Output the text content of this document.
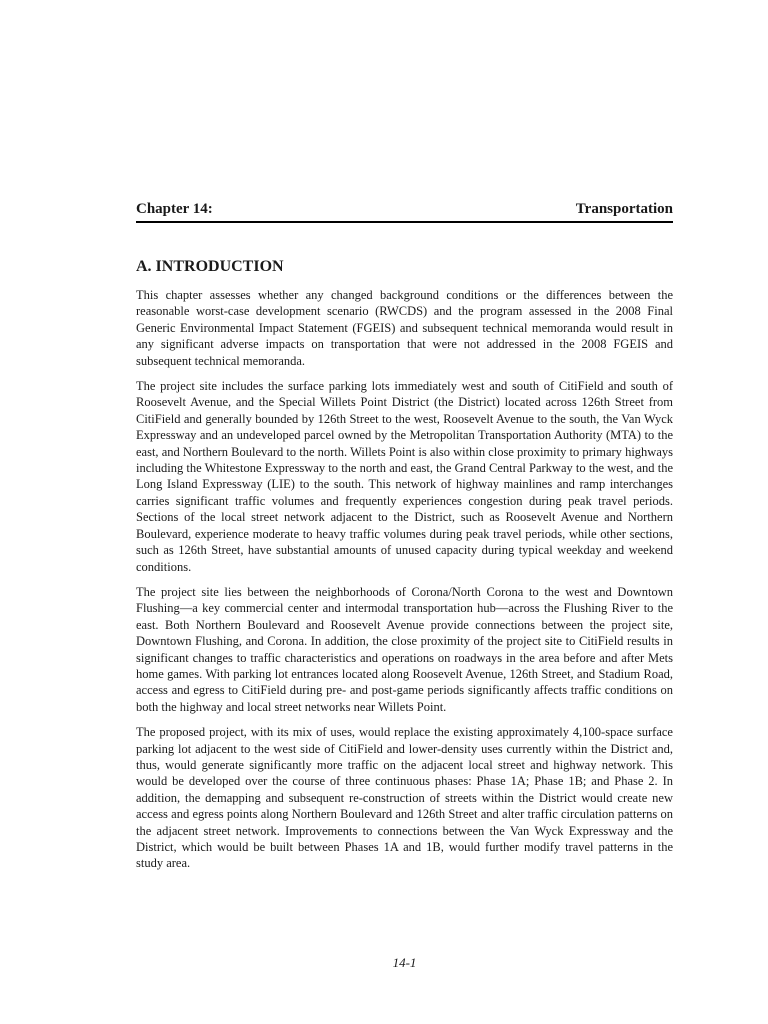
Chapter 14:	Transportation
A. INTRODUCTION

This chapter assesses whether any changed background conditions or the differences between the reasonable worst-case development scenario (RWCDS) and the program assessed in the 2008 Final Generic Environmental Impact Statement (FGEIS) and subsequent technical memoranda would result in any significant adverse impacts on transportation that were not addressed in the 2008 FGEIS and subsequent technical memoranda.

The project site includes the surface parking lots immediately west and south of CitiField and south of Roosevelt Avenue, and the Special Willets Point District (the District) located across 126th Street from CitiField and generally bounded by 126th Street to the west, Roosevelt Avenue to the south, the Van Wyck Expressway and an undeveloped parcel owned by the Metropolitan Transportation Authority (MTA) to the east, and Northern Boulevard to the north. Willets Point is also within close proximity to primary highways including the Whitestone Expressway to the north and east, the Grand Central Parkway to the west, and the Long Island Expressway (LIE) to the south. This network of highway mainlines and ramp interchanges carries significant traffic volumes and frequently experiences congestion during peak travel periods. Sections of the local street network adjacent to the District, such as Roosevelt Avenue and Northern Boulevard, experience moderate to heavy traffic volumes during peak travel periods, while other sections, such as 126th Street, have substantial amounts of unused capacity during typical weekday and weekend conditions.

The project site lies between the neighborhoods of Corona/North Corona to the west and Downtown Flushing—a key commercial center and intermodal transportation hub—across the Flushing River to the east. Both Northern Boulevard and Roosevelt Avenue provide connections between the project site, Downtown Flushing, and Corona. In addition, the close proximity of the project site to CitiField results in significant changes to traffic characteristics and operations on roadways in the area before and after Mets home games. With parking lot entrances located along Roosevelt Avenue, 126th Street, and Stadium Road, access and egress to CitiField during pre- and post-game periods significantly affects traffic conditions on both the highway and local street networks near Willets Point.

The proposed project, with its mix of uses, would replace the existing approximately 4,100-space surface parking lot adjacent to the west side of CitiField and lower-density uses currently within the District and, thus, would generate significantly more traffic on the adjacent local street and highway network. This would be developed over the course of three continuous phases: Phase 1A; Phase 1B; and Phase 2. In addition, the demapping and subsequent re-construction of streets within the District would create new access and egress points along Northern Boulevard and 126th Street and alter traffic circulation patterns on the adjacent street network. Improvements to connections between the Van Wyck Expressway and the District, which would be built between Phases 1A and 1B, would further modify travel patterns in the study area.

14-1
